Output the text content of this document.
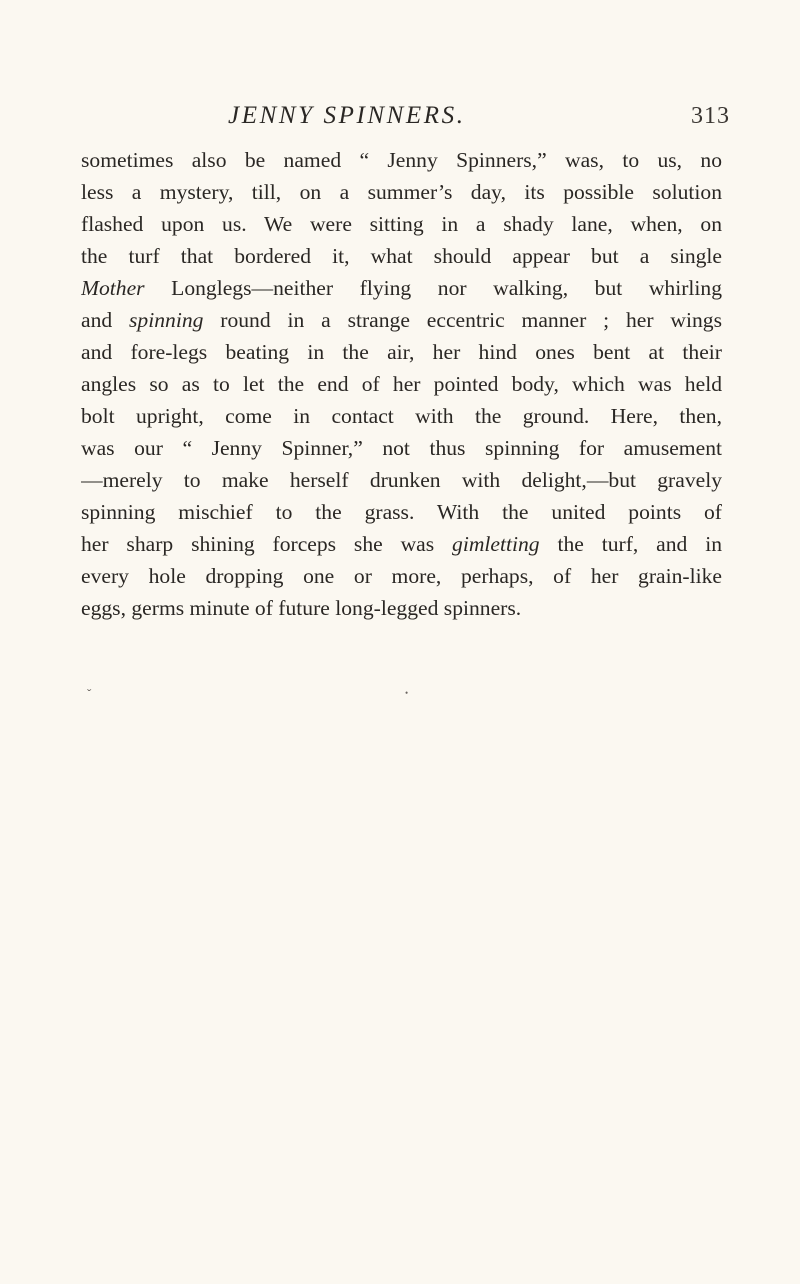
JENNY SPINNERS.	313
sometimes also be named “ Jenny Spinners,” was, to us, no
less a mystery, till, on a summer’s day, its possible solution
flashed upon us. We were sitting in a shady lane, when, on
the turf that bordered it, what should appear but a single
Mother Longlegs—neither flying nor walking, but whirling
and spinning round in a strange eccentric manner ; her wings
and fore-legs beating in the air, her hind ones bent at their
angles so as to let the end of her pointed body, which was held
bolt upright, come in contact with the ground. Here, then,
was our “ Jenny Spinner,” not thus spinning for amusement
—merely to make herself drunken with delight,—but gravely
spinning mischief to the grass. With the united points of
her sharp shining forceps she was gimletting the turf, and in
every hole dropping one or more, perhaps, of her grain-like
eggs, germs minute of future long-legged spinners.
ˇ	•
